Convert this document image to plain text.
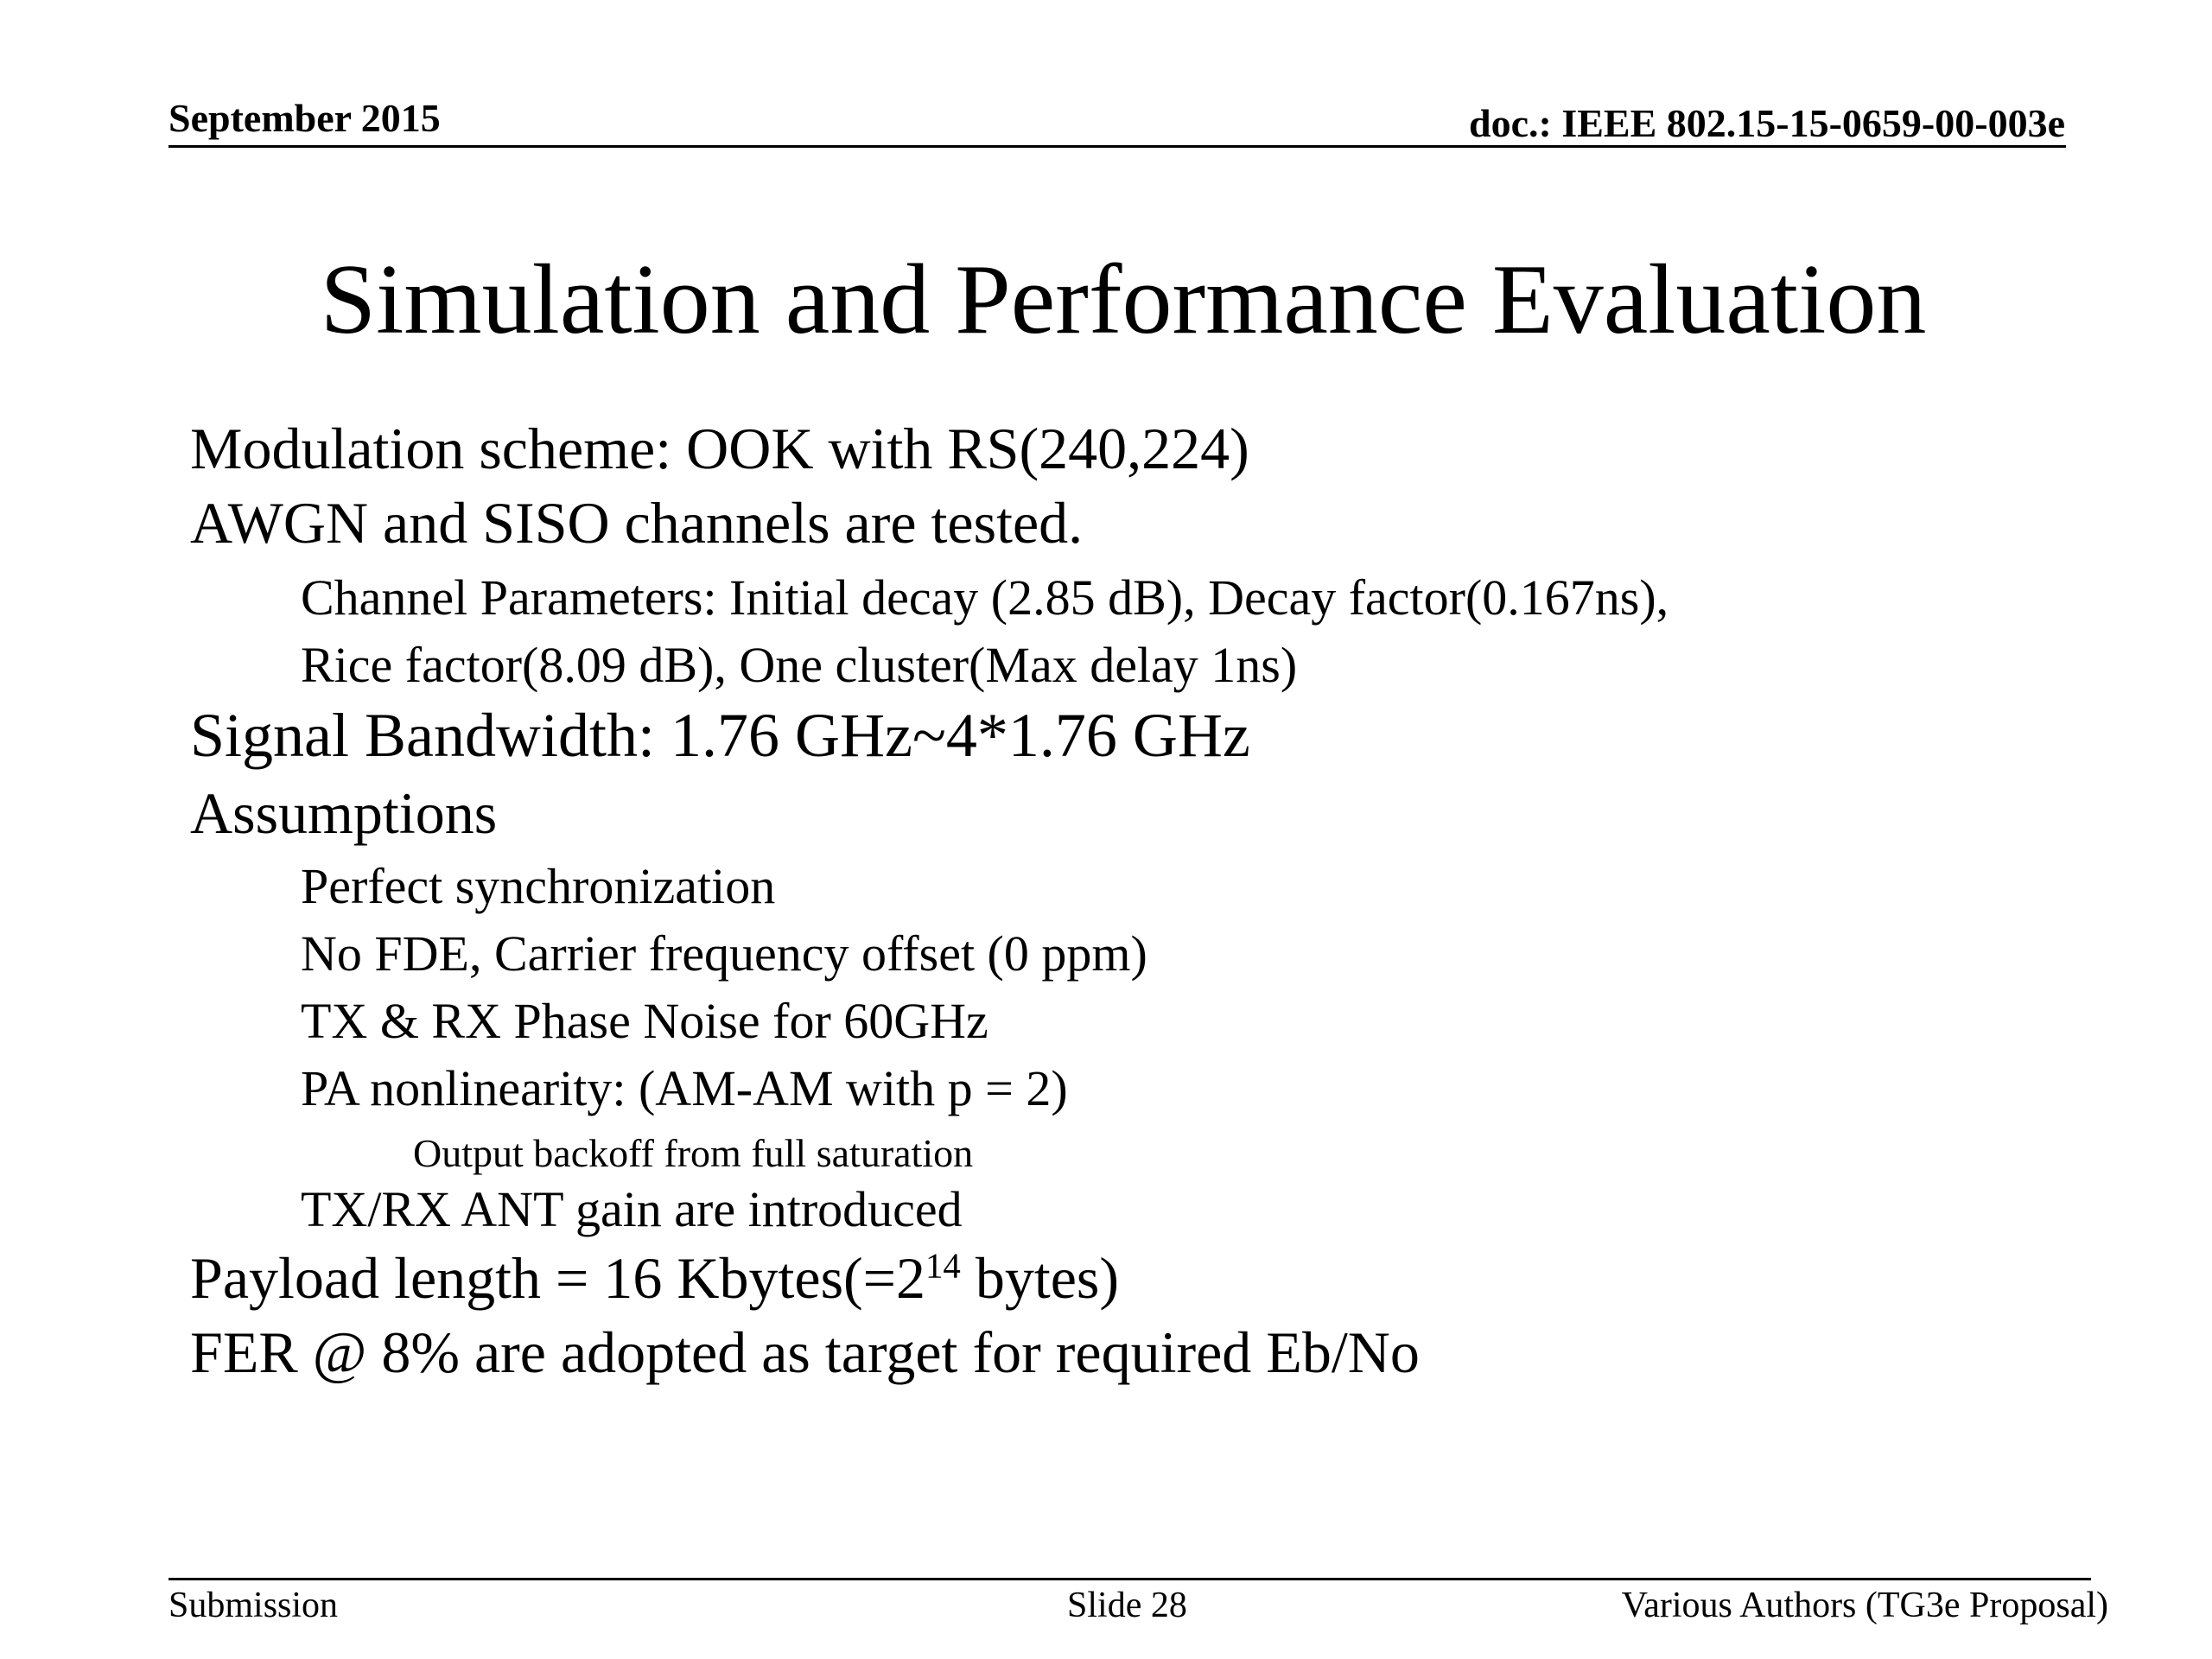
September 2015	doc.: IEEE 802.15-15-0659-00-003e
Simulation and Performance Evaluation
Modulation scheme: OOK with RS(240,224)
AWGN and SISO channels are tested.
Channel Parameters: Initial decay (2.85 dB), Decay factor(0.167ns),
Rice factor(8.09 dB), One cluster(Max delay 1ns)
Signal Bandwidth: 1.76 GHz~4*1.76 GHz
Assumptions
Perfect synchronization
No FDE, Carrier frequency offset (0 ppm)
TX & RX Phase Noise for 60GHz
PA nonlinearity: (AM-AM with p = 2)
Output backoff from full saturation
TX/RX ANT gain are introduced
Payload length = 16 $Kbytes(=2^{14}$ bytes)
FER @ 8% are adopted as target for required Eb/No
Submission	Slide 28	Various Authors (TG3e Proposal)
